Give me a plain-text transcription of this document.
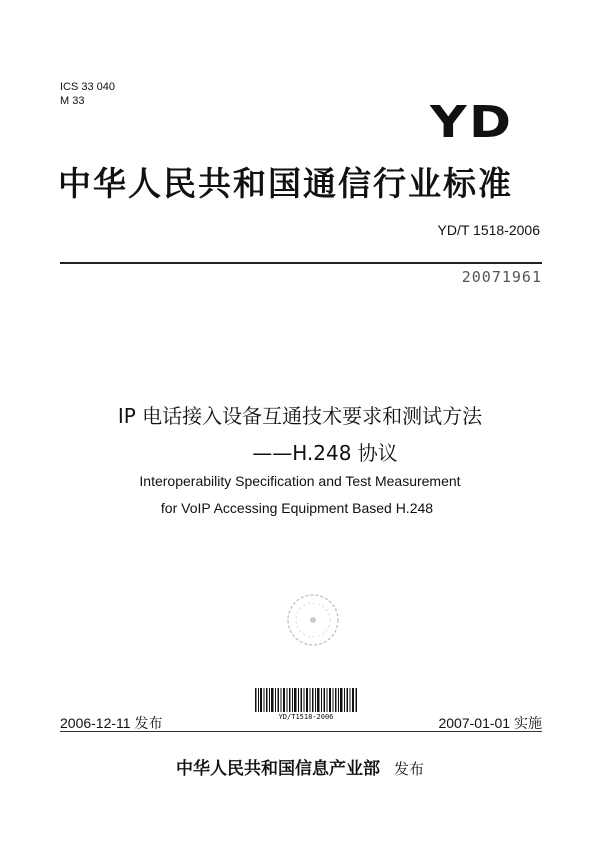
ICS 33 040
M 33	YD
中华人民共和国通信行业标准
YD/T 1518-2006
20071961
IP 电话接入设备互通技术要求和测试方法
——H.248 协议
Interoperability Specification and Test Measurement
for VoIP Accessing Equipment Based H.248
YD/T1518-2006
2006-12-11 发布	2007-01-01 实施
中华人民共和国信息产业部 发布
